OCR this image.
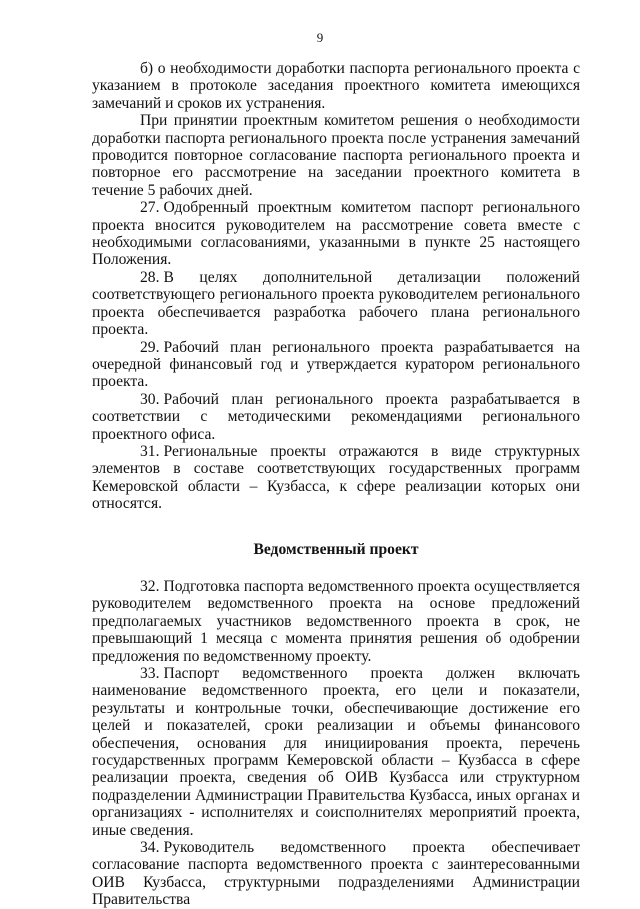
9

б) о необходимости доработки паспорта регионального проекта с указанием в протоколе заседания проектного комитета имеющихся замечаний и сроков их устранения.

При принятии проектным комитетом решения о необходимости доработки паспорта регионального проекта после устранения замечаний проводится повторное согласование паспорта регионального проекта и повторное его рассмотрение на заседании проектного комитета в течение 5 рабочих дней.

27. Одобренный проектным комитетом паспорт регионального проекта вносится руководителем на рассмотрение совета вместе с необходимыми согласованиями, указанными в пункте 25 настоящего Положения.

28. В целях дополнительной детализации положений соответствующего регионального проекта руководителем регионального проекта обеспечивается разработка рабочего плана регионального проекта.

29. Рабочий план регионального проекта разрабатывается на очередной финансовый год и утверждается куратором регионального проекта.

30. Рабочий план регионального проекта разрабатывается в соответствии с методическими рекомендациями регионального проектного офиса.

31. Региональные проекты отражаются в виде структурных элементов в составе соответствующих государственных программ Кемеровской области – Кузбасса, к сфере реализации которых они относятся.

Ведомственный проект

32. Подготовка паспорта ведомственного проекта осуществляется руководителем ведомственного проекта на основе предложений предполагаемых участников ведомственного проекта в срок, не превышающий 1 месяца с момента принятия решения об одобрении предложения по ведомственному проекту.

33. Паспорт ведомственного проекта должен включать наименование ведомственного проекта, его цели и показатели, результаты и контрольные точки, обеспечивающие достижение его целей и показателей, сроки реализации и объемы финансового обеспечения, основания для инициирования проекта, перечень государственных программ Кемеровской области – Кузбасса в сфере реализации проекта, сведения об ОИВ Кузбасса или структурном подразделении Администрации Правительства Кузбасса, иных органах и организациях - исполнителях и соисполнителях мероприятий проекта, иные сведения.

34. Руководитель ведомственного проекта обеспечивает согласование паспорта ведомственного проекта с заинтересованными ОИВ Кузбасса, структурными подразделениями Администрации Правительства
